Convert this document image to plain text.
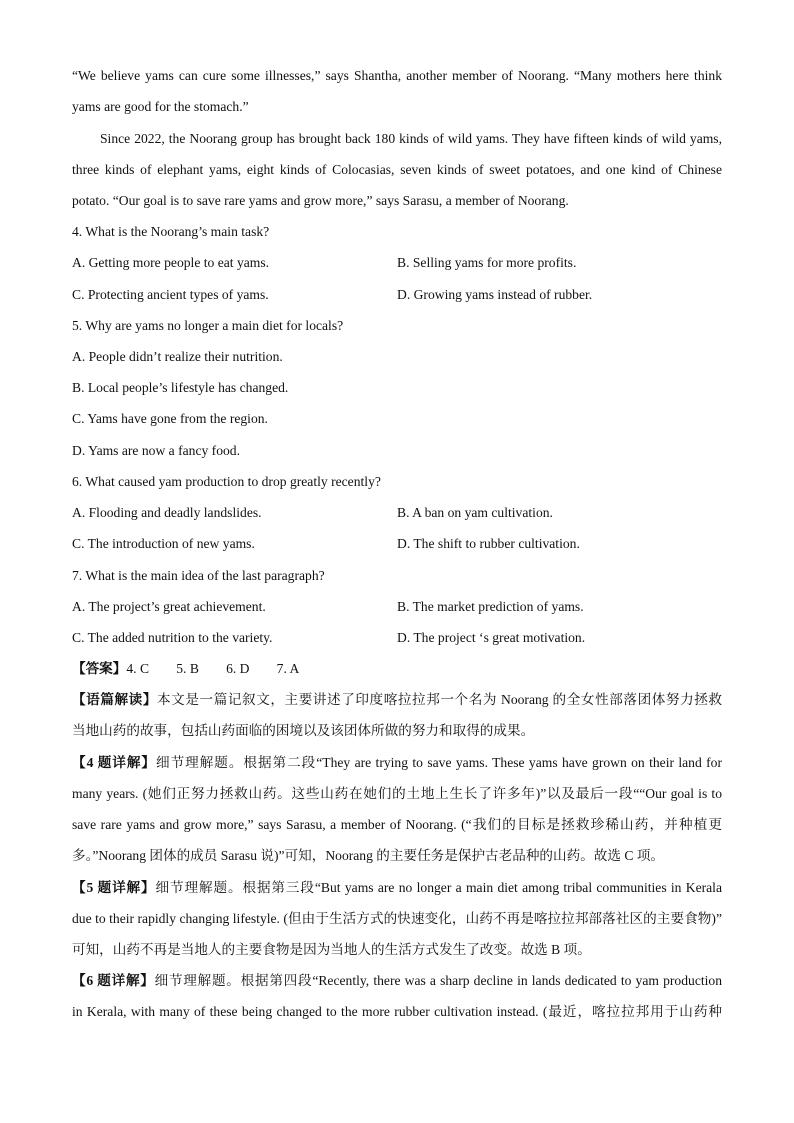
“We believe yams can cure some illnesses,” says Shantha, another member of Noorang. “Many mothers here think
yams are good for the stomach.”
Since 2022, the Noorang group has brought back 180 kinds of wild yams. They have fifteen kinds of wild yams,
three kinds of elephant yams, eight kinds of Colocasias, seven kinds of sweet potatoes, and one kind of Chinese
potato. “Our goal is to save rare yams and grow more,” says Sarasu, a member of Noorang.
4. What is the Noorang’s main task?
A. Getting more people to eat yams.	B. Selling yams for more profits.
C. Protecting ancient types of yams.	D. Growing yams instead of rubber.
5. Why are yams no longer a main diet for locals?
A. People didn’t realize their nutrition.
B. Local people’s lifestyle has changed.
C. Yams have gone from the region.
D. Yams are now a fancy food.
6. What caused yam production to drop greatly recently?
A. Flooding and deadly landslides.	B. A ban on yam cultivation.
C. The introduction of new yams.	D. The shift to rubber cultivation.
7. What is the main idea of the last paragraph?
A. The project’s great achievement.	B. The market prediction of yams.
C. The added nutrition to the variety.	D. The project ‘s great motivation.
【答案】4. C        5. B        6. D        7. A
【语篇解读】本文是一篇记叙文，主要讲述了印度喀拉拉邦一个名为 Noorang 的全女性部落团体努力拯救
当地山药的故事，包括山药面临的困境以及该团体所做的努力和取得的成果。
【4 题详解】细节理解题。根据第二段“They are trying to save yams. These yams have grown on their land for
many years. (她们正努力拯救山药。这些山药在她们的土地上生长了许多年)”以及最后一段““Our goal is to
save rare yams and grow more,” says Sarasu, a member of Noorang. (“我们的目标是拯救珍稀山药，并种植更
多。”Noorang 团体的成员 Sarasu 说)”可知，Noorang 的主要任务是保护古老品种的山药。故选 C 项。
【5 题详解】细节理解题。根据第三段“But yams are no longer a main diet among tribal communities in Kerala
due to their rapidly changing lifestyle. (但由于生活方式的快速变化，山药不再是喀拉拉邦部落社区的主要食物)”
可知，山药不再是当地人的主要食物是因为当地人的生活方式发生了改变。故选 B 项。
【6 题详解】细节理解题。根据第四段“Recently, there was a sharp decline in lands dedicated to yam production
in Kerala, with many of these being changed to the more rubber cultivation instead. (最近，喀拉拉邦用于山药种
